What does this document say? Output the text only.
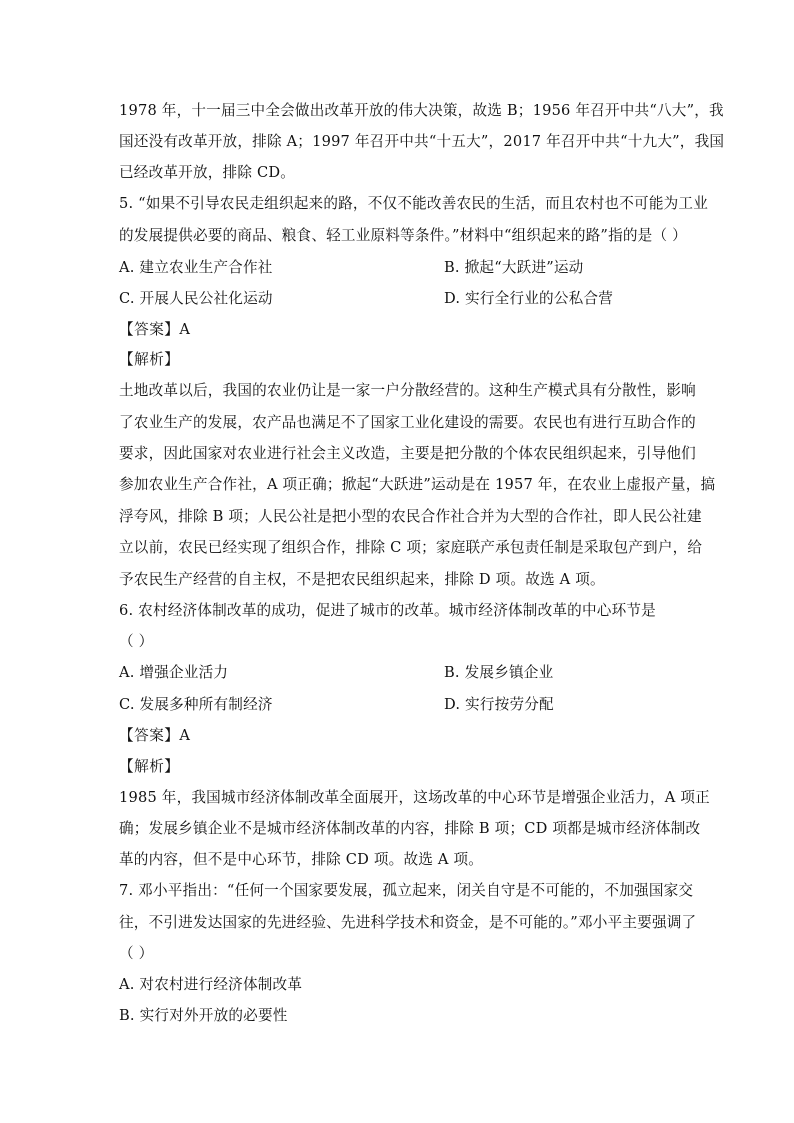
1978 年，十一届三中全会做出改革开放的伟大决策，故选 B；1956 年召开中共“八大”，我
国还没有改革开放，排除 A；1997 年召开中共“十五大”，2017 年召开中共“十九大”，我国
已经改革开放，排除 CD。
5. “如果不引导农民走组织起来的路，不仅不能改善农民的生活，而且农村也不可能为工业
的发展提供必要的商品、粮食、轻工业原料等条件。”材料中“组织起来的路”指的是（ ）
A. 建立农业生产合作社	B. 掀起“大跃进”运动
C. 开展人民公社化运动	D. 实行全行业的公私合营
【答案】A
【解析】
土地改革以后，我国的农业仍让是一家一户分散经营的。这种生产模式具有分散性，影响
了农业生产的发展，农产品也满足不了国家工业化建设的需要。农民也有进行互助合作的
要求，因此国家对农业进行社会主义改造，主要是把分散的个体农民组织起来，引导他们
参加农业生产合作社，A 项正确；掀起“大跃进”运动是在 1957 年，在农业上虚报产量，搞
浮夸风，排除 B 项；人民公社是把小型的农民合作社合并为大型的合作社，即人民公社建
立以前，农民已经实现了组织合作，排除 C 项；家庭联产承包责任制是采取包产到户，给
予农民生产经营的自主权，不是把农民组织起来，排除 D 项。故选 A 项。
6. 农村经济体制改革的成功，促进了城市的改革。城市经济体制改革的中心环节是
（ ）
A. 增强企业活力	B. 发展乡镇企业
C. 发展多种所有制经济	D. 实行按劳分配
【答案】A
【解析】
1985 年，我国城市经济体制改革全面展开，这场改革的中心环节是增强企业活力，A 项正
确；发展乡镇企业不是城市经济体制改革的内容，排除 B 项；CD 项都是城市经济体制改
革的内容，但不是中心环节，排除 CD 项。故选 A 项。
7. 邓小平指出：“任何一个国家要发展，孤立起来，闭关自守是不可能的，不加强国家交
往，不引进发达国家的先进经验、先进科学技术和资金，是不可能的。”邓小平主要强调了
（ ）
A. 对农村进行经济体制改革
B. 实行对外开放的必要性
